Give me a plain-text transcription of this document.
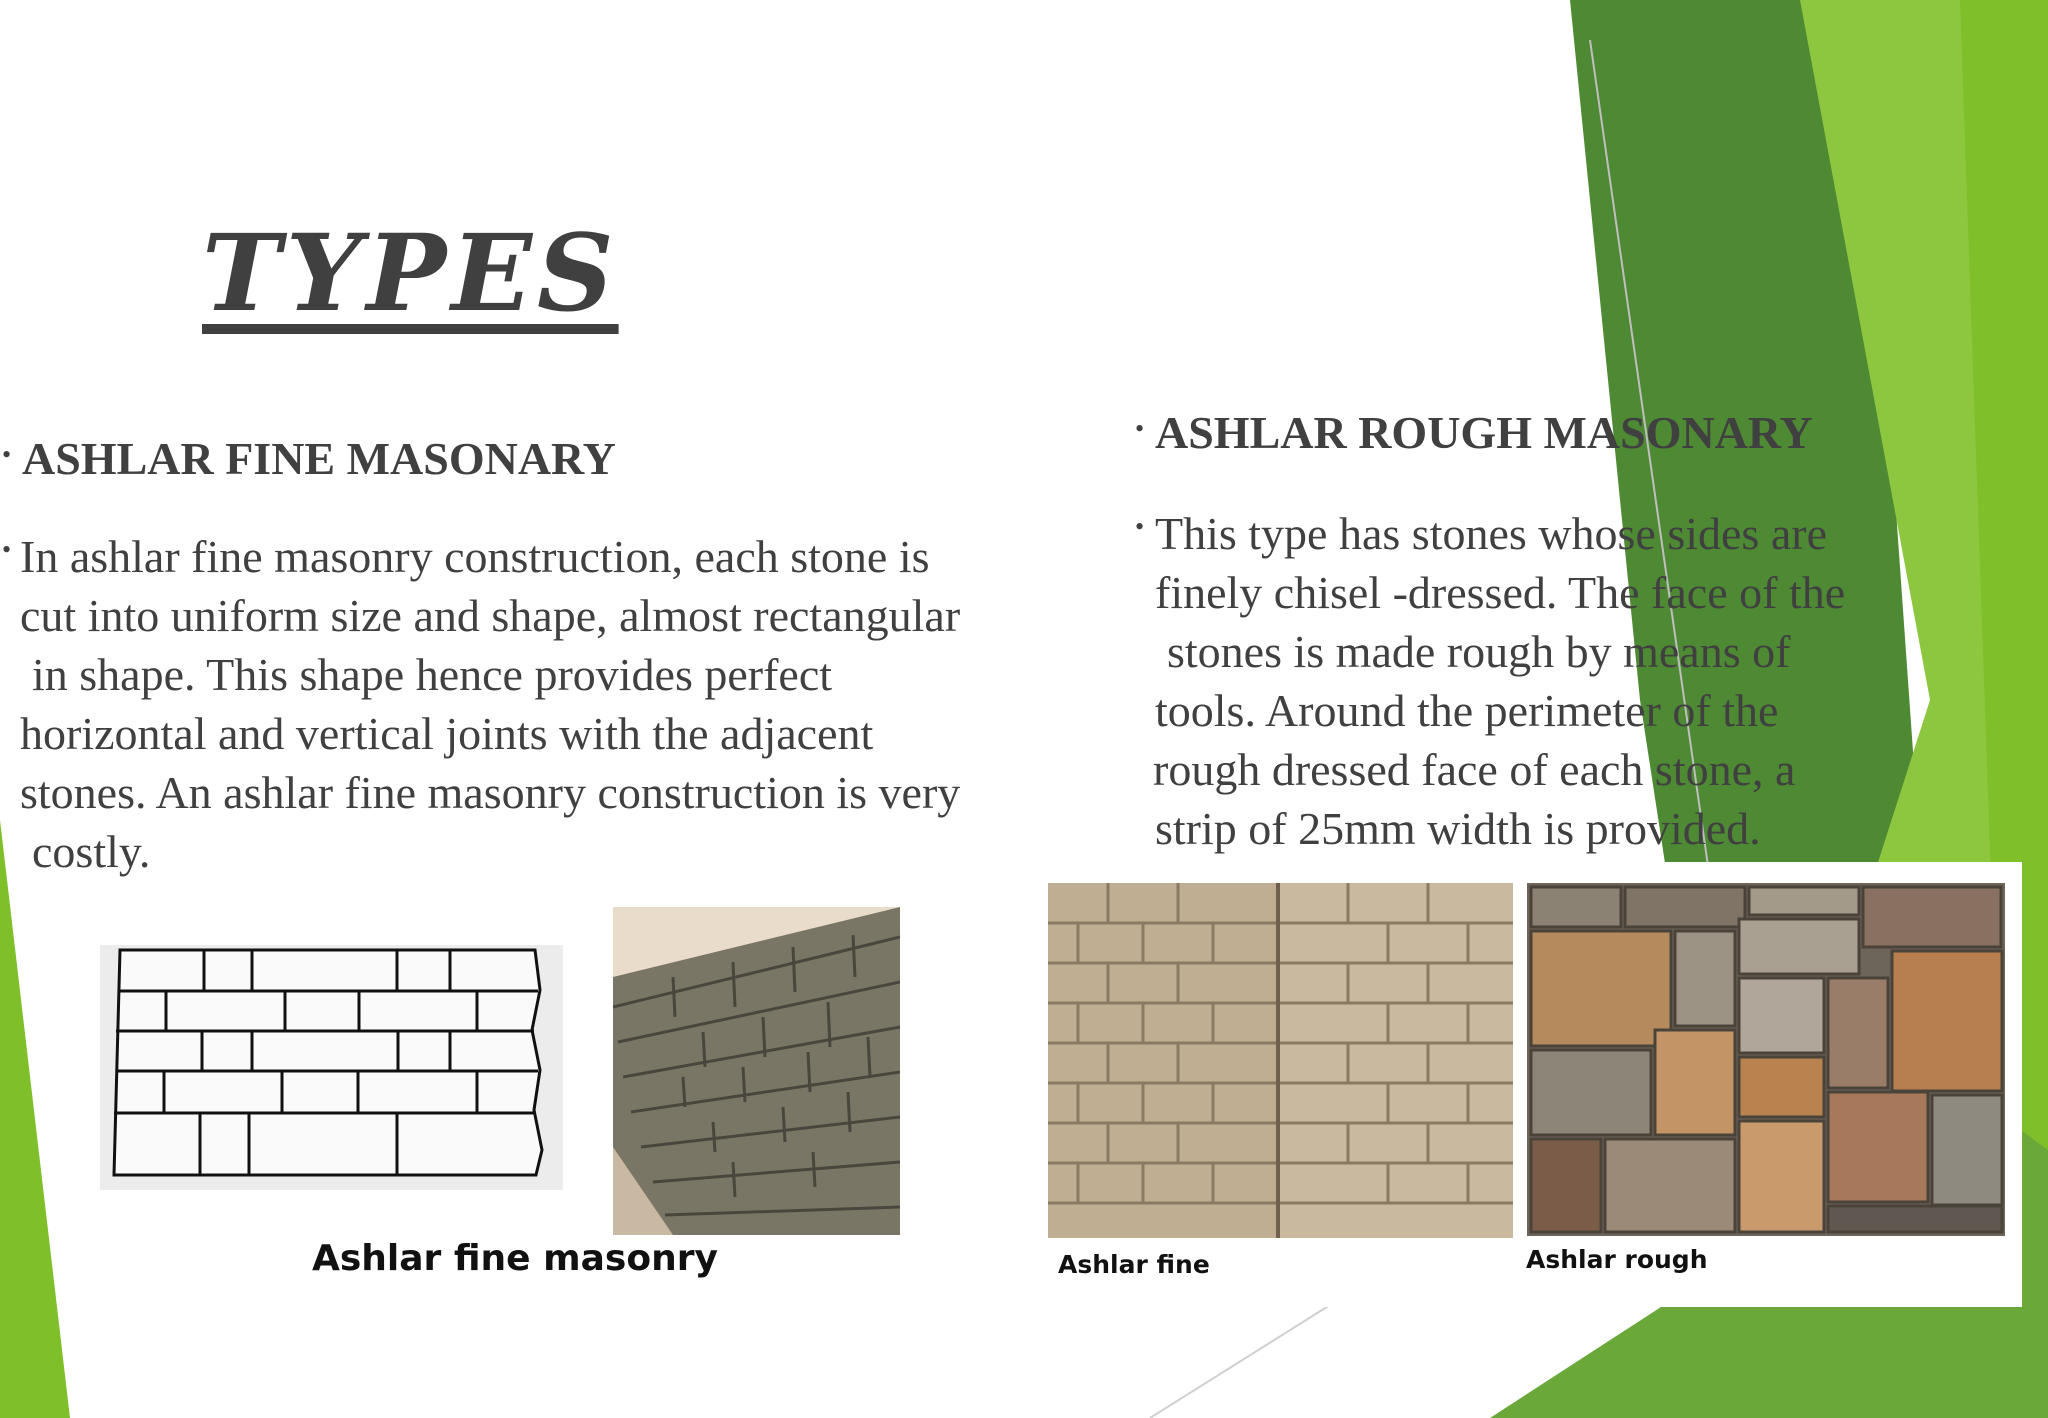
TYPES
• ASHLAR FINE MASONARY
• In ashlar fine masonry construction, each stone is
cut into uniform size and shape, almost rectangular
in shape. This shape hence provides perfect
horizontal and vertical joints with the adjacent
stones. An ashlar fine masonry construction is very
costly.
• ASHLAR ROUGH MASONARY
• This type has stones whose sides are
finely chisel -dressed. The face of the
stones is made rough by means of
tools. Around the perimeter of the
rough dressed face of each stone, a
strip of 25mm width is provided.

Ashlar fine masonry	Ashlar fine	Ashlar rough
